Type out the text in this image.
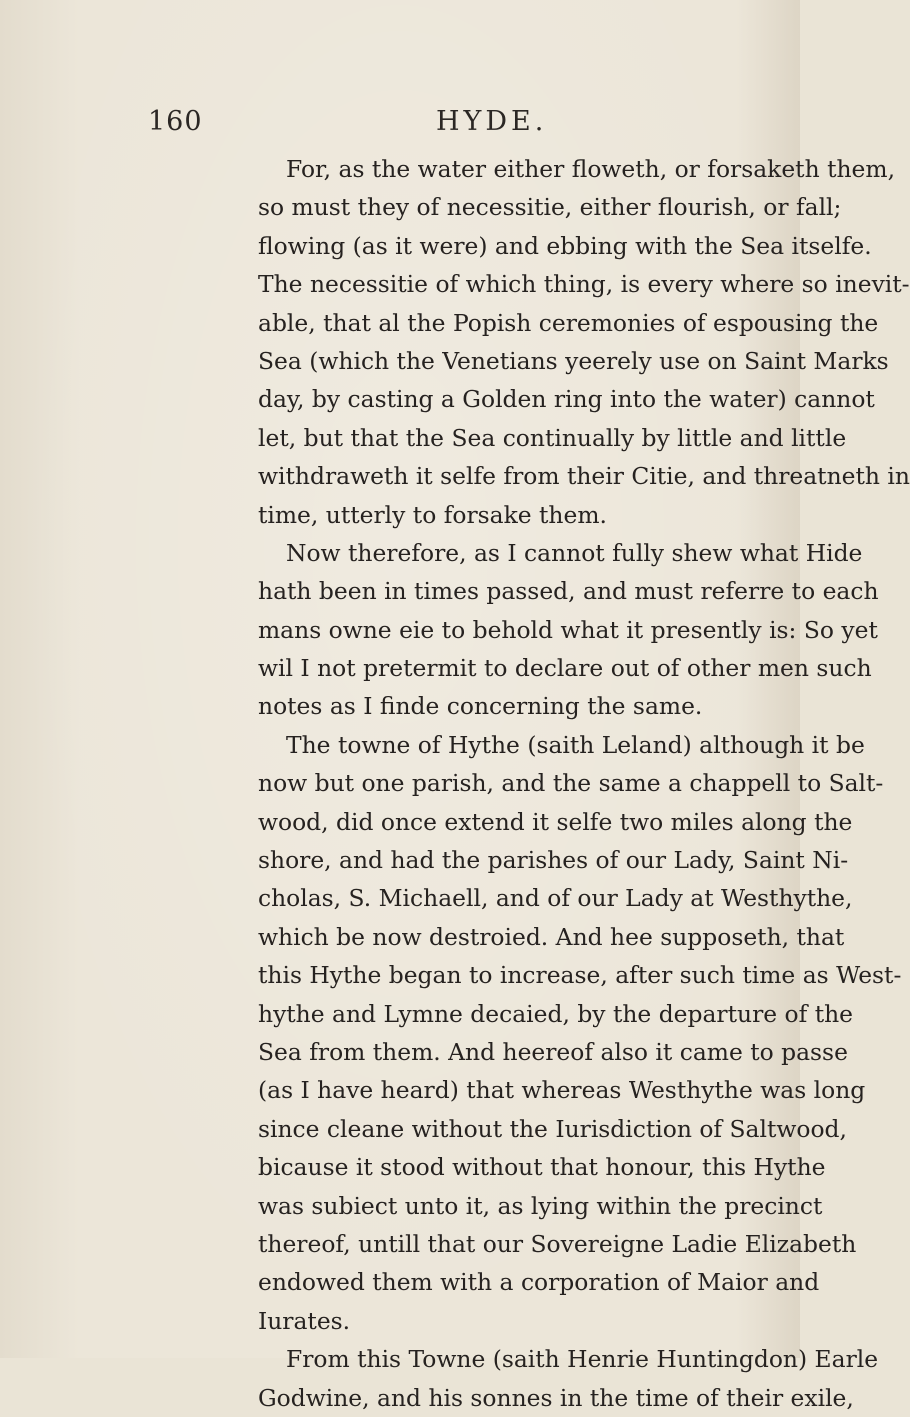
160	HYDE.
For, as the water either floweth, or forsaketh them,
so must they of necessitie, either flourish, or fall;
flowing (as it were) and ebbing with the Sea itselfe.
The necessitie of which thing, is every where so inevit-
able, that al the Popish ceremonies of espousing the
Sea (which the Venetians yeerely use on Saint Marks
day, by casting a Golden ring into the water) cannot
let, but that the Sea continually by little and little
withdraweth it selfe from their Citie, and threatneth in
time, utterly to forsake them.
Now therefore, as I cannot fully shew what Hide
hath been in times passed, and must referre to each
mans owne eie to behold what it presently is: So yet
wil I not pretermit to declare out of other men such
notes as I finde concerning the same.
The towne of Hythe (saith Leland) although it be
now but one parish, and the same a chappell to Salt-
wood, did once extend it selfe two miles along the
shore, and had the parishes of our Lady, Saint Ni-
cholas, S. Michaell, and of our Lady at Westhythe,
which be now destroied. And hee supposeth, that
this Hythe began to increase, after such time as West-
hythe and Lymne decaied, by the departure of the
Sea from them. And heereof also it came to passe
(as I have heard) that whereas Westhythe was long
since cleane without the Iurisdiction of Saltwood,
bicause it stood without that honour, this Hythe
was subiect unto it, as lying within the precinct
thereof, untill that our Sovereigne Ladie Elizabeth
endowed them with a corporation of Maior and
Iurates.
From this Towne (saith Henrie Huntingdon) Earle
Godwine, and his sonnes in the time of their exile,
